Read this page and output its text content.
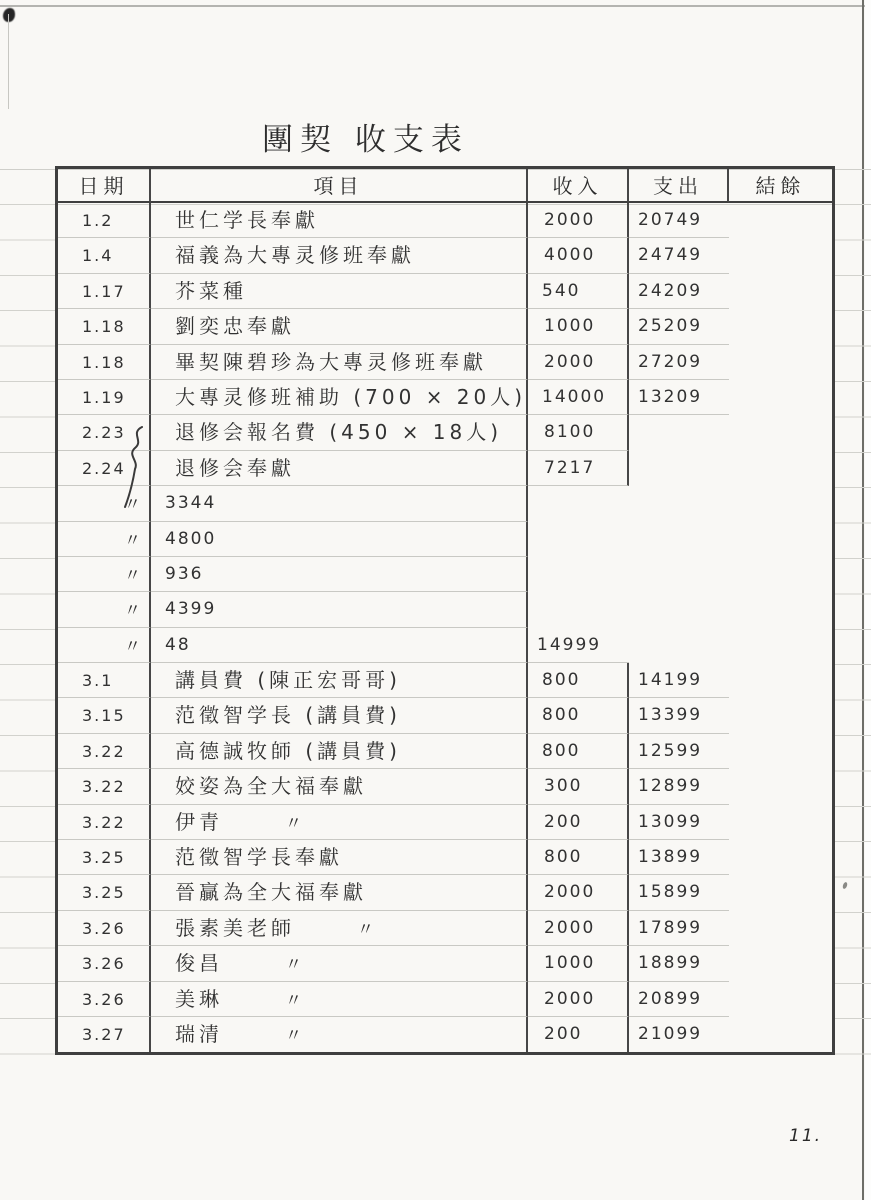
團契 收支表
日期	項目	收入	支出	結餘
1.2	世仁学長奉獻	2000	20749
1.4	福義為大專灵修班奉獻	4000	24749
1.17	芥菜種	540	24209
1.18	劉奕忠奉獻	1000	25209
1.18	畢契陳碧珍為大專灵修班奉獻	2000	27209
1.19	大專灵修班補助 (700 × 20人) 14000	13209
2.23	退修会報名費 (450 × 18人)	8100
2.24	退修会奉獻	7217
〃	3344
〃	4800
〃	936
〃	4399
〃	48	14999
3.1	講員費 (陳正宏哥哥)	800	14199
3.15	范徵智学長 (講員費)	800	13399
3.22	高德誠牧師 (講員費)	800	12599
3.22	姣姿為全大福奉獻	300	12899
3.22	伊青	〃	200	13099
3.25	范徵智学長奉獻	800	13899
3.25	晉贏為全大福奉獻	2000	15899
3.26	張素美老師	〃	2000	17899
3.26	俊昌	〃	1000	18899
3.26	美琳	〃	2000	20899
3.27	瑞清	〃	200	21099
11.
